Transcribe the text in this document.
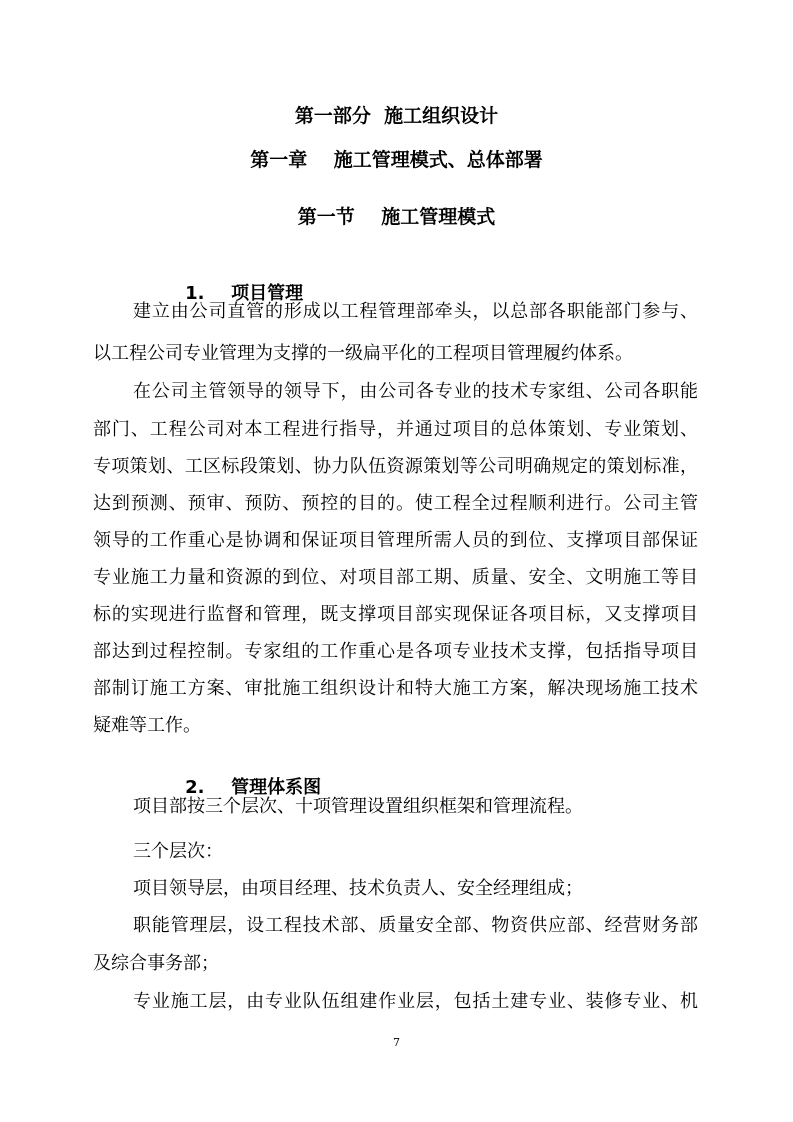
第一部分  施工组织设计
第一章    施工管理模式、总体部署
第一节    施工管理模式

1. 项目管理

建立由公司直管的形成以工程管理部牵头，以总部各职能部门参与、
以工程公司专业管理为支撑的一级扁平化的工程项目管理履约体系。
在公司主管领导的领导下，由公司各专业的技术专家组、公司各职能
部门、工程公司对本工程进行指导，并通过项目的总体策划、专业策划、
专项策划、工区标段策划、协力队伍资源策划等公司明确规定的策划标准，
达到预测、预审、预防、预控的目的。使工程全过程顺利进行。公司主管
领导的工作重心是协调和保证项目管理所需人员的到位、支撑项目部保证
专业施工力量和资源的到位、对项目部工期、质量、安全、文明施工等目
标的实现进行监督和管理，既支撑项目部实现保证各项目标，又支撑项目
部达到过程控制。专家组的工作重心是各项专业技术支撑，包括指导项目
部制订施工方案、审批施工组织设计和特大施工方案，解决现场施工技术
疑难等工作。

2. 管理体系图

项目部按三个层次、十项管理设置组织框架和管理流程。
三个层次：
项目领导层，由项目经理、技术负责人、安全经理组成；
职能管理层，设工程技术部、质量安全部、物资供应部、经营财务部
及综合事务部；
专业施工层，由专业队伍组建作业层，包括土建专业、装修专业、机
7
